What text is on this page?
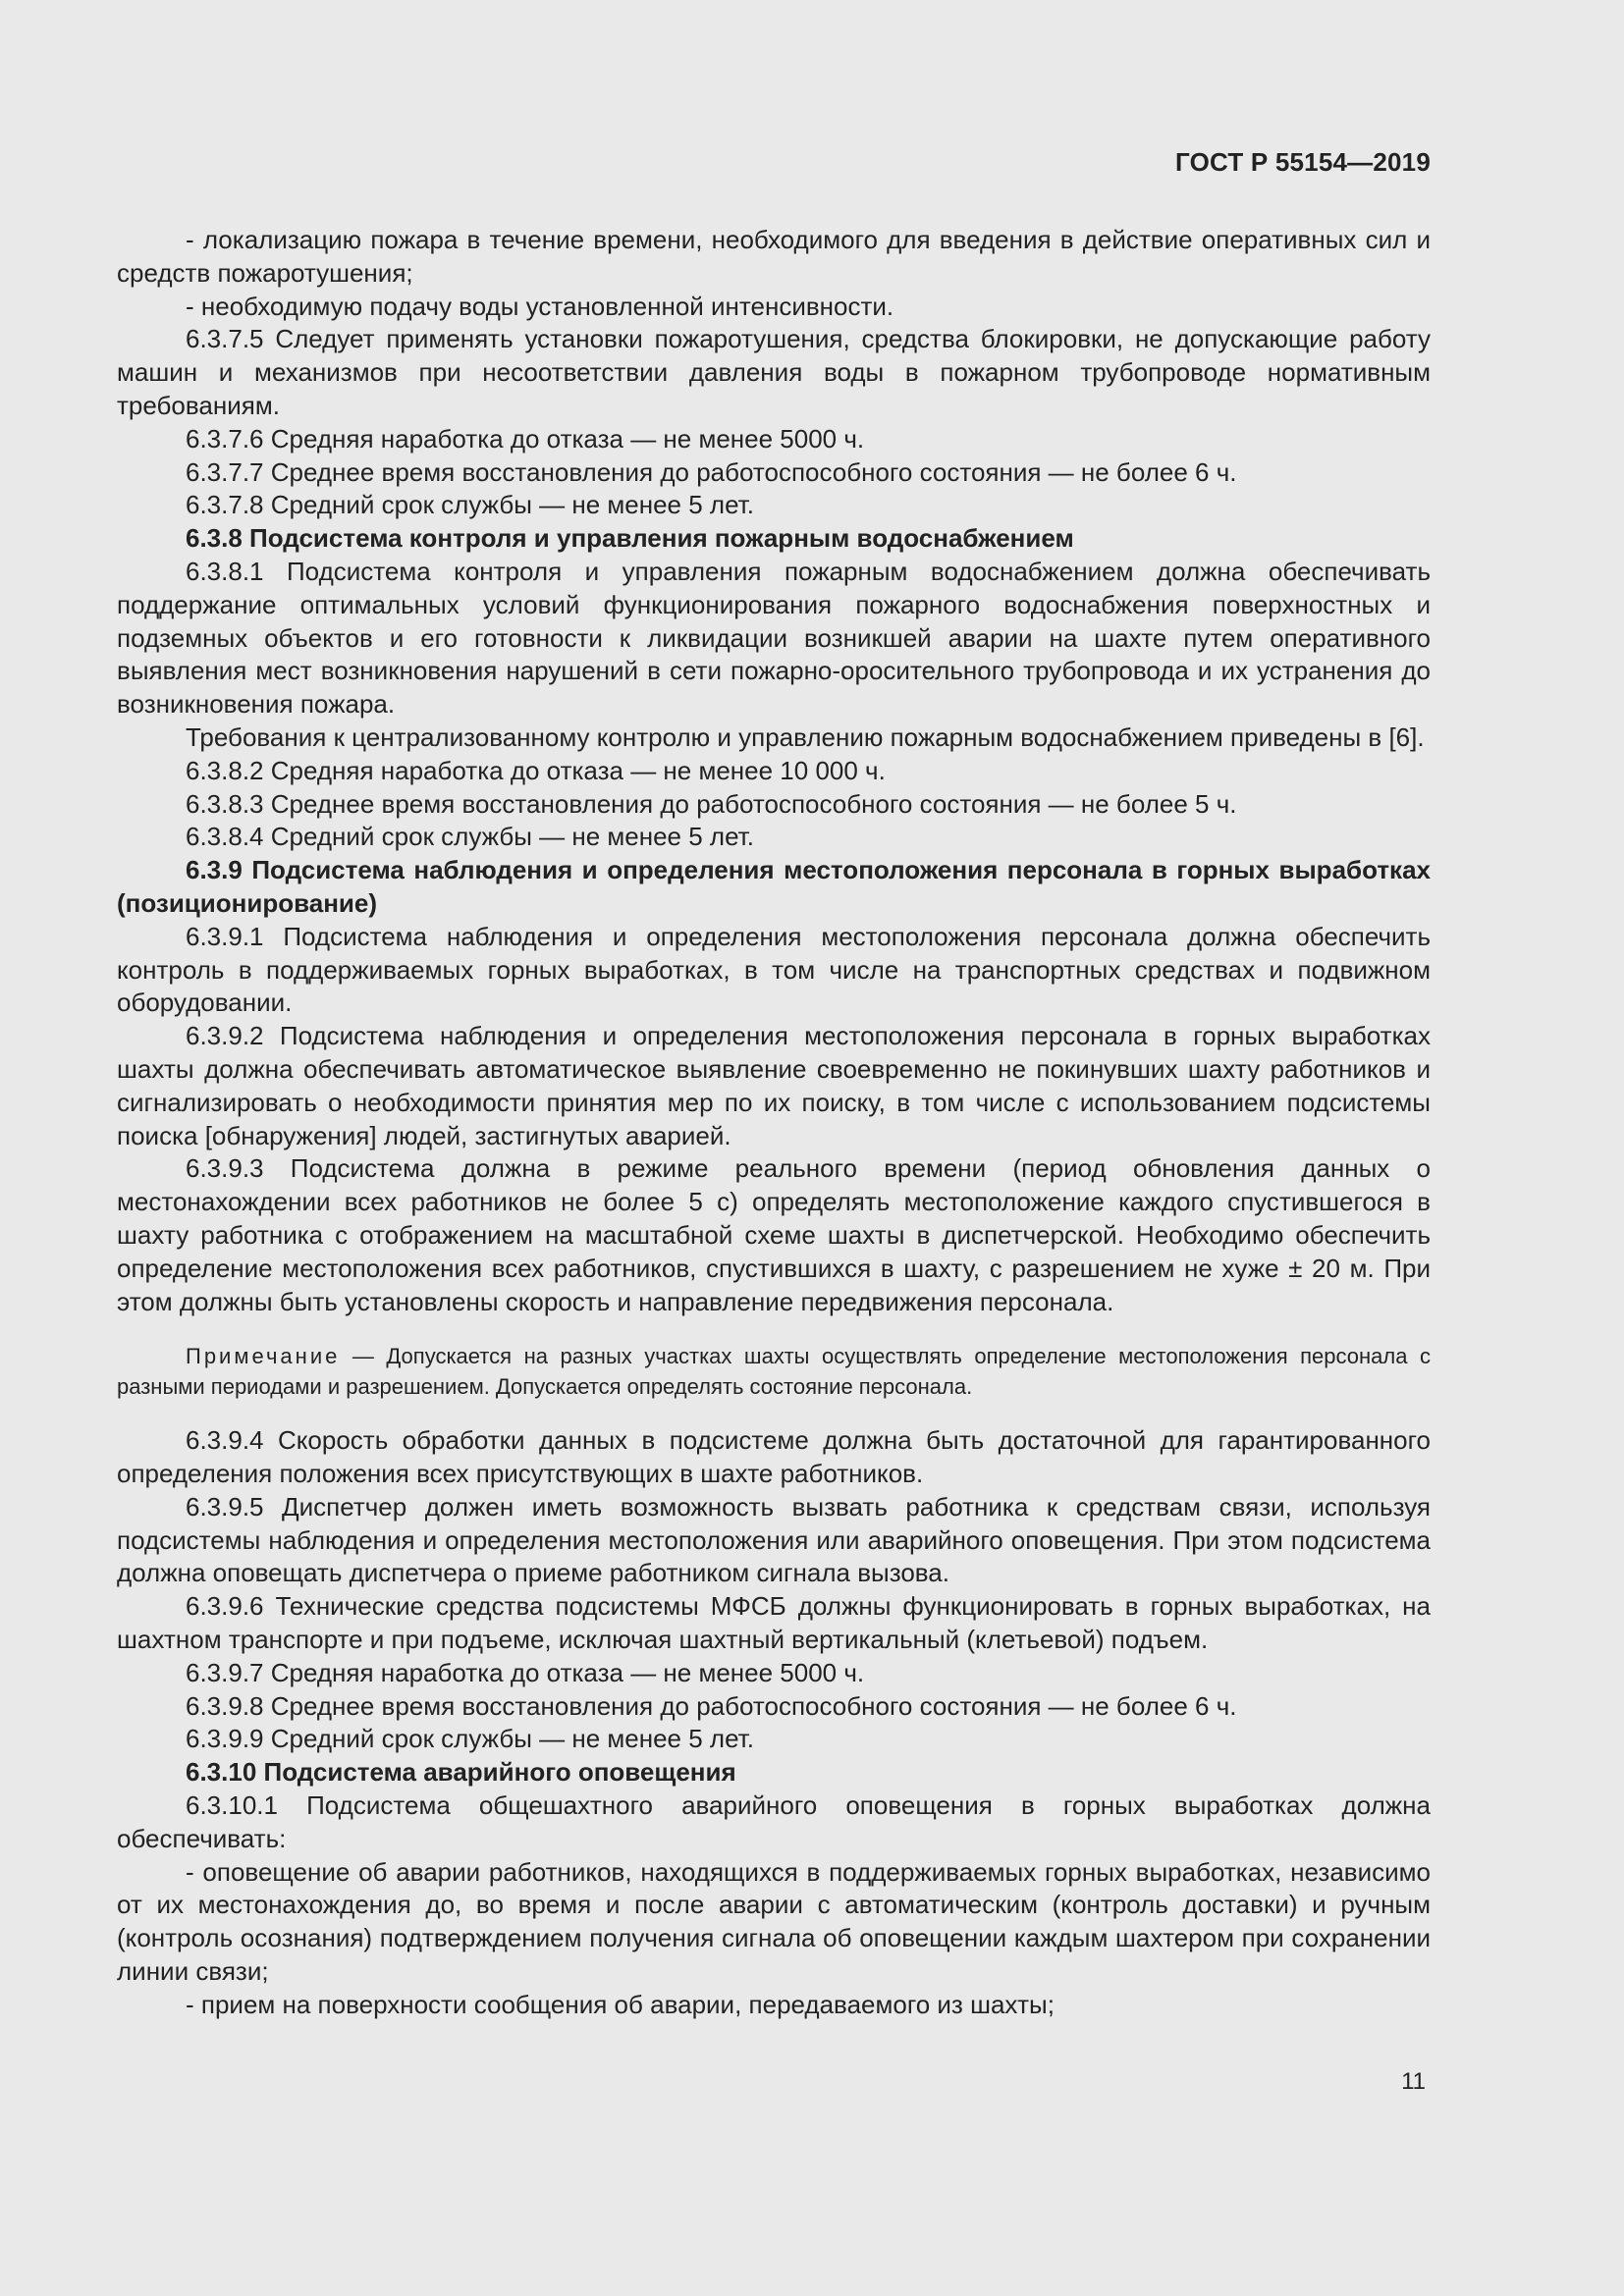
ГОСТ Р 55154—2019

- локализацию пожара в течение времени, необходимого для введения в действие оперативных сил и средств пожаротушения;

- необходимую подачу воды установленной интенсивности.

6.3.7.5 Следует применять установки пожаротушения, средства блокировки, не допускающие работу машин и механизмов при несоответствии давления воды в пожарном трубопроводе нормативным требованиям.

6.3.7.6 Средняя наработка до отказа — не менее 5000 ч.

6.3.7.7 Среднее время восстановления до работоспособного состояния — не более 6 ч.

6.3.7.8 Средний срок службы — не менее 5 лет.

6.3.8 Подсистема контроля и управления пожарным водоснабжением

6.3.8.1 Подсистема контроля и управления пожарным водоснабжением должна обеспечивать поддержание оптимальных условий функционирования пожарного водоснабжения поверхностных и подземных объектов и его готовности к ликвидации возникшей аварии на шахте путем оперативного выявления мест возникновения нарушений в сети пожарно-оросительного трубопровода и их устранения до возникновения пожара.

Требования к централизованному контролю и управлению пожарным водоснабжением приведены в [6].

6.3.8.2 Средняя наработка до отказа — не менее 10 000 ч.

6.3.8.3 Среднее время восстановления до работоспособного состояния — не более 5 ч.

6.3.8.4 Средний срок службы — не менее 5 лет.

6.3.9 Подсистема наблюдения и определения местоположения персонала в горных выработках (позиционирование)

6.3.9.1 Подсистема наблюдения и определения местоположения персонала должна обеспечить контроль в поддерживаемых горных выработках, в том числе на транспортных средствах и подвижном оборудовании.

6.3.9.2 Подсистема наблюдения и определения местоположения персонала в горных выработках шахты должна обеспечивать автоматическое выявление своевременно не покинувших шахту работников и сигнализировать о необходимости принятия мер по их поиску, в том числе с использованием подсистемы поиска [обнаружения] людей, застигнутых аварией.

6.3.9.3 Подсистема должна в режиме реального времени (период обновления данных о местонахождении всех работников не более 5 с) определять местоположение каждого спустившегося в шахту работника с отображением на масштабной схеме шахты в диспетчерской. Необходимо обеспечить определение местоположения всех работников, спустившихся в шахту, с разрешением не хуже ± 20 м. При этом должны быть установлены скорость и направление передвижения персонала.

Примечание — Допускается на разных участках шахты осуществлять определение местоположения персонала с разными периодами и разрешением. Допускается определять состояние персонала.

6.3.9.4 Скорость обработки данных в подсистеме должна быть достаточной для гарантированного определения положения всех присутствующих в шахте работников.

6.3.9.5 Диспетчер должен иметь возможность вызвать работника к средствам связи, используя подсистемы наблюдения и определения местоположения или аварийного оповещения. При этом подсистема должна оповещать диспетчера о приеме работником сигнала вызова.

6.3.9.6 Технические средства подсистемы МФСБ должны функционировать в горных выработках, на шахтном транспорте и при подъеме, исключая шахтный вертикальный (клетьевой) подъем.

6.3.9.7 Средняя наработка до отказа — не менее 5000 ч.

6.3.9.8 Среднее время восстановления до работоспособного состояния — не более 6 ч.

6.3.9.9 Средний срок службы — не менее 5 лет.

6.3.10 Подсистема аварийного оповещения

6.3.10.1 Подсистема общешахтного аварийного оповещения в горных выработках должна обеспечивать:

- оповещение об аварии работников, находящихся в поддерживаемых горных выработках, независимо от их местонахождения до, во время и после аварии с автоматическим (контроль доставки) и ручным (контроль осознания) подтверждением получения сигнала об оповещении каждым шахтером при сохранении линии связи;

- прием на поверхности сообщения об аварии, передаваемого из шахты;

11
